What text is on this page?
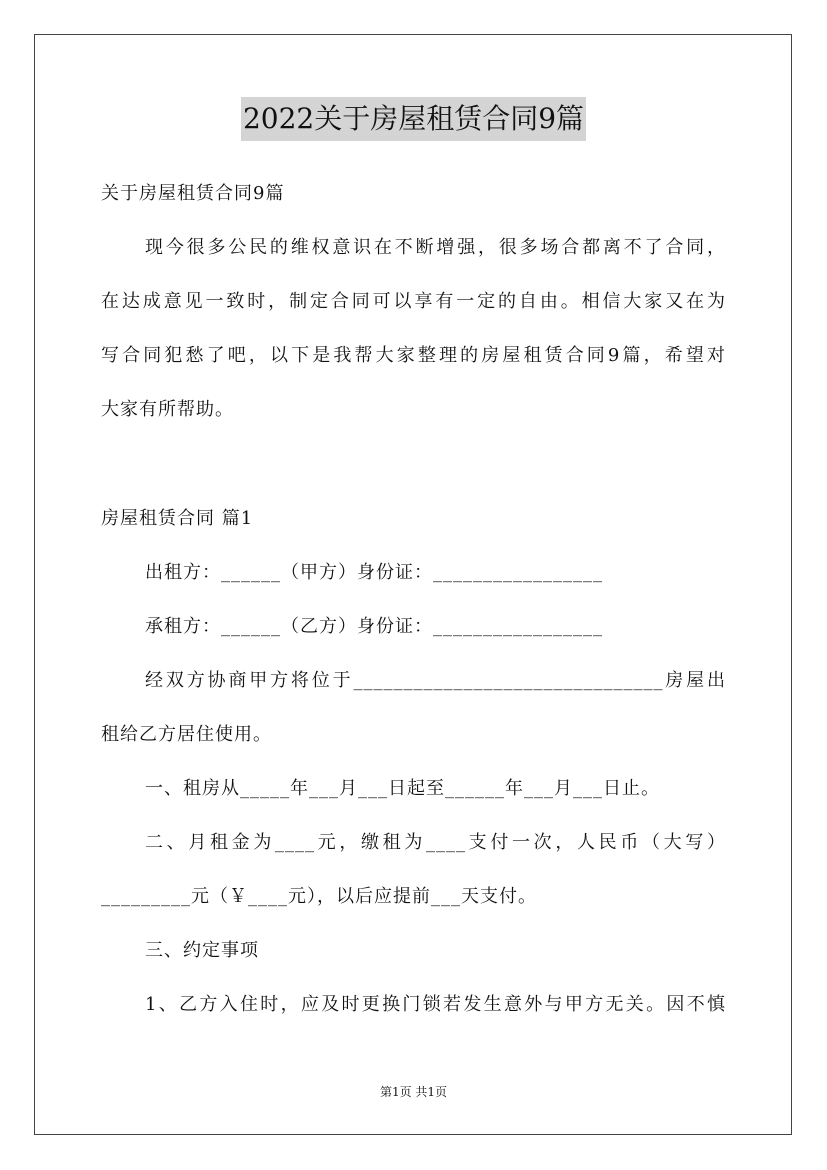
2022关于房屋租赁合同9篇
关于房屋租赁合同9篇
现今很多公民的维权意识在不断增强，很多场合都离不了合同，
在达成意见一致时，制定合同可以享有一定的自由。相信大家又在为
写合同犯愁了吧，以下是我帮大家整理的房屋租赁合同9篇，希望对
大家有所帮助。
房屋租赁合同 篇1
出租方：______（甲方）身份证：_________________
承租方：______（乙方）身份证：_________________
经双方协商甲方将位于_______________________________房屋出
租给乙方居住使用。
一、租房从_____年___月___日起至______年___月___日止。
二、月租金为____元，缴租为____支付一次，人民币（大写）
_________元（￥____元），以后应提前___天支付。
三、约定事项
1、乙方入住时，应及时更换门锁若发生意外与甲方无关。因不慎
第1页 共1页
